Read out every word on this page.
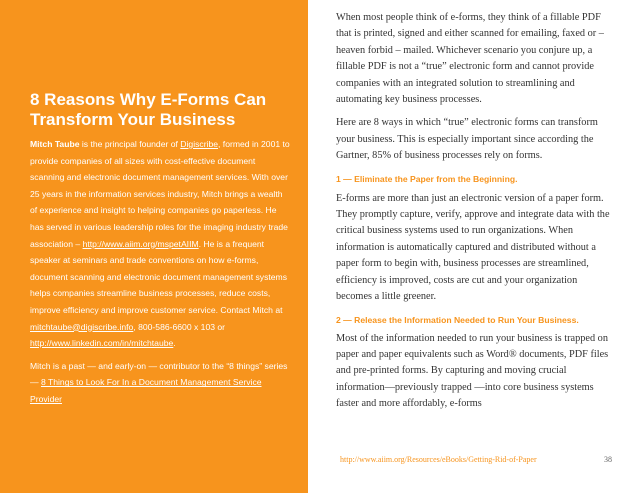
8 Reasons Why E-Forms Can
Transform Your Business

Mitch Taube is the principal founder of Digiscribe, formed in 2001 to provide companies of all sizes with cost-effective document scanning and electronic document management services. With over 25 years in the information services industry, Mitch brings a wealth of experience and insight to helping companies go paperless. He has served in various leadership roles for the imaging industry trade association – http://www.aiim.org/mspetAIIM. He is a frequent speaker at seminars and trade conventions on how e-forms, document scanning and electronic document management systems helps companies streamline business processes, reduce costs, improve efficiency and improve customer service. Contact Mitch at mitchtaube@digiscribe.info, 800-586-6600 x 103 or http://www.linkedin.com/in/mitchtaube.

Mitch is a past — and early-on — contributor to the “8 things” series — 8 Things to Look For In a Document Management Service Provider

When most people think of e-forms, they think of a fillable PDF that is printed, signed and either scanned for emailing, faxed or – heaven forbid – mailed. Whichever scenario you conjure up, a fillable PDF is not a “true” electronic form and cannot provide companies with an integrated solution to streamlining and automating key business processes.

Here are 8 ways in which “true” electronic forms can transform your business. This is especially important since according the Gartner, 85% of business processes rely on forms.

1 — Eliminate the Paper from the Beginning.

E-forms are more than just an electronic version of a paper form. They promptly capture, verify, approve and integrate data with the critical business systems used to run organizations. When information is automatically captured and distributed without a paper form to begin with, business processes are streamlined, efficiency is improved, costs are cut and your organization becomes a little greener.

2 — Release the Information Needed to Run Your Business.

Most of the information needed to run your business is trapped on paper and paper equivalents such as Word® documents, PDF files and pre-printed forms. By capturing and moving crucial information—previously trapped —into core business systems faster and more affordably, e-forms

http://www.aiim.org/Resources/eBooks/Getting-Rid-of-Paper	38
